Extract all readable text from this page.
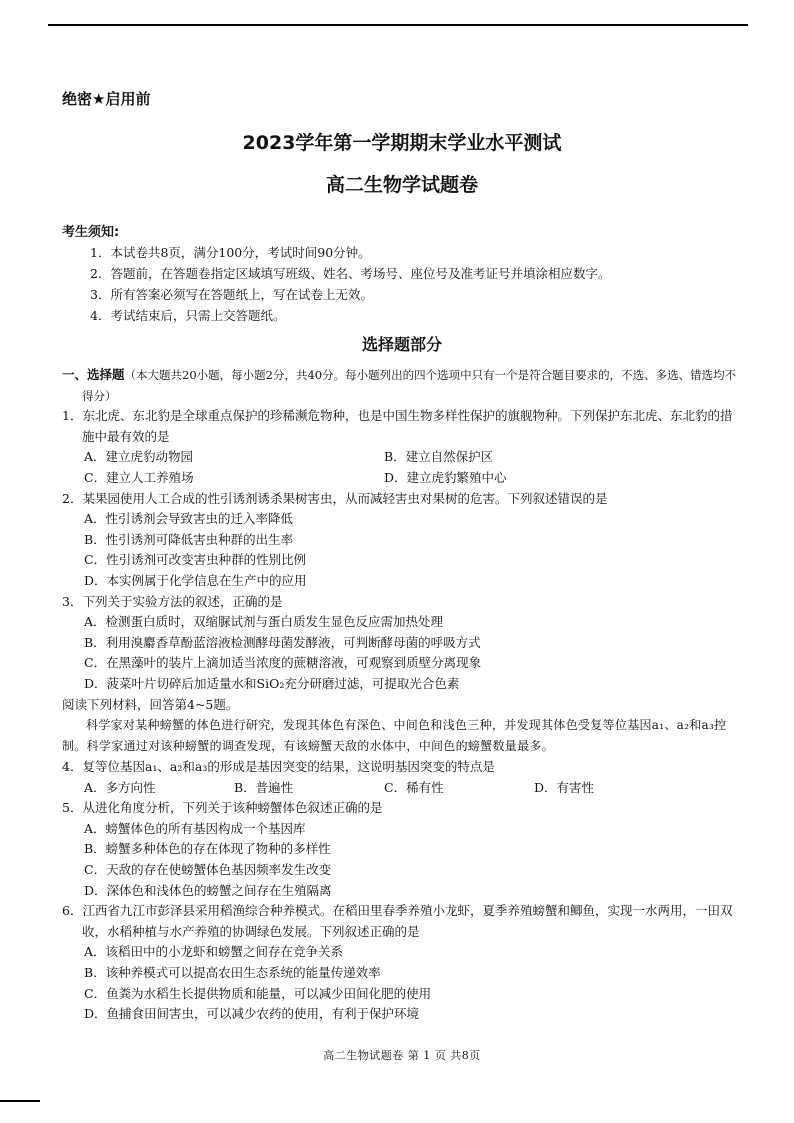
绝密★启用前
2023学年第一学期期末学业水平测试
高二生物学试题卷
考生须知:
1．本试卷共8页，满分100分，考试时间90分钟。
2．答题前，在答题卷指定区域填写班级、姓名、考场号、座位号及准考证号并填涂相应数字。
3．所有答案必须写在答题纸上，写在试卷上无效。
4．考试结束后，只需上交答题纸。
选择题部分
一、选择题（本大题共20小题，每小题2分，共40分。每小题列出的四个选项中只有一个是符合题目要求的，不选、多选、错选均不得分）
1．东北虎、东北豹是全球重点保护的珍稀濒危物种，也是中国生物多样性保护的旗舰物种。下列保护东北虎、东北豹的措施中最有效的是
A．建立虎豹动物园	B．建立自然保护区
C．建立人工养殖场	D．建立虎豹繁殖中心
2．某果园使用人工合成的性引诱剂诱杀果树害虫，从而减轻害虫对果树的危害。下列叙述错误的是
A．性引诱剂会导致害虫的迁入率降低
B．性引诱剂可降低害虫种群的出生率
C．性引诱剂可改变害虫种群的性别比例
D．本实例属于化学信息在生产中的应用
3．下列关于实验方法的叙述，正确的是
A．检测蛋白质时，双缩脲试剂与蛋白质发生显色反应需加热处理
B．利用溴麝香草酚蓝溶液检测酵母菌发酵液，可判断酵母菌的呼吸方式
C．在黑藻叶的装片上滴加适当浓度的蔗糖溶液，可观察到质壁分离现象
D．菠菜叶片切碎后加适量水和SiO₂充分研磨过滤，可提取光合色素
阅读下列材料，回答第4~5题。
科学家对某种螃蟹的体色进行研究，发现其体色有深色、中间色和浅色三种，并发现其体色受复等位基因a₁、a₂和a₃控制。科学家通过对该种螃蟹的调查发现，有该螃蟹天敌的水体中，中间色的螃蟹数量最多。
4．复等位基因a₁、a₂和a₃的形成是基因突变的结果，这说明基因突变的特点是
A．多方向性	B．普遍性	C．稀有性	D．有害性
5．从进化角度分析，下列关于该种螃蟹体色叙述正确的是
A．螃蟹体色的所有基因构成一个基因库
B．螃蟹多种体色的存在体现了物种的多样性
C．天敌的存在使螃蟹体色基因频率发生改变
D．深体色和浅体色的螃蟹之间存在生殖隔离
6．江西省九江市彭泽县采用稻渔综合种养模式。在稻田里春季养殖小龙虾，夏季养殖螃蟹和鲫鱼，实现一水两用，一田双收，水稻种植与水产养殖的协调绿色发展。下列叙述正确的是
A．该稻田中的小龙虾和螃蟹之间存在竞争关系
B．该种养模式可以提高农田生态系统的能量传递效率
C．鱼粪为水稻生长提供物质和能量，可以减少田间化肥的使用
D．鱼捕食田间害虫，可以减少农药的使用，有利于保护环境
高二生物试题卷 第 1 页 共8页
